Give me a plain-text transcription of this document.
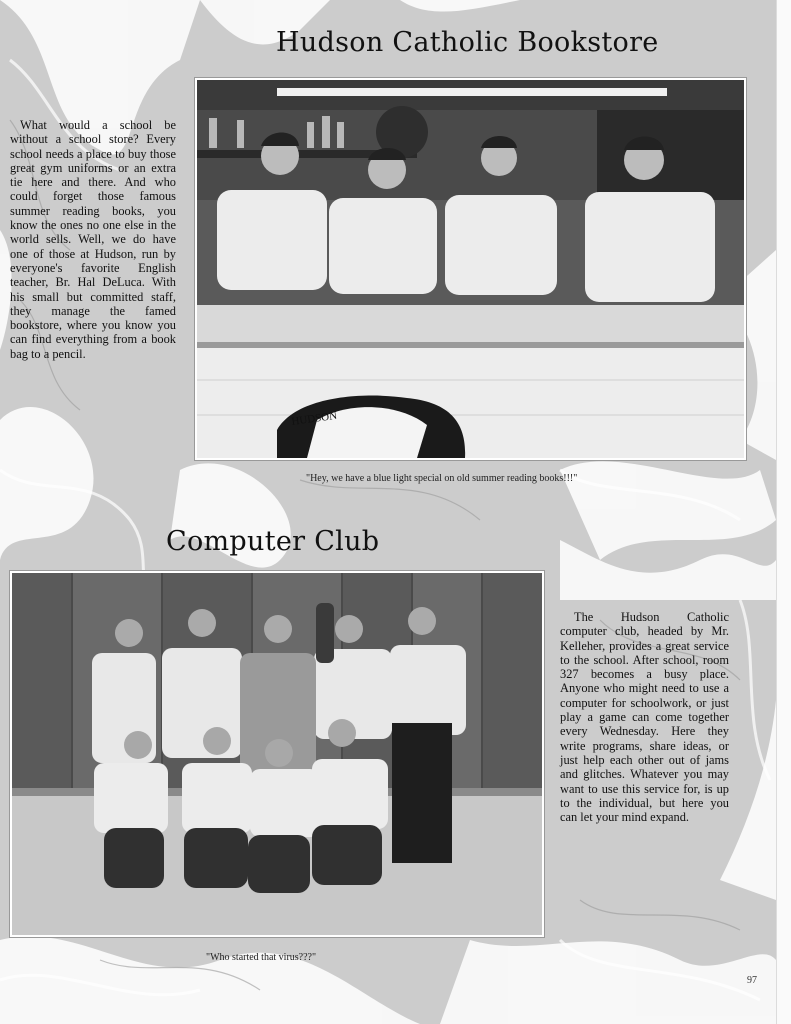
Hudson Catholic Bookstore

What would a school be without a school store? Every school needs a place to buy those great gym uniforms or an extra tie here and there. And who could forget those famous summer reading books, you know the ones no one else in the world sells. Well, we do have one of those at Hudson, run by everyone's favorite English teacher, Br. Hal DeLuca. With his small but committed staff, they manage the famed bookstore, where you know you can find everything from a book bag to a pencil.

HUDSON

"Hey, we have a blue light special on old summer reading books!!!"

Computer Club

"Who started that virus???"

The Hudson Catholic computer club, headed by Mr. Kelleher, provides a great service to the school. After school, room 327 becomes a busy place. Anyone who might need to use a computer for schoolwork, or just play a game can come together every Wednesday. Here they write programs, share ideas, or just help each other out of jams and glitches. Whatever you may want to use this service for, is up to the individual, but here you can let your mind expand.

97
